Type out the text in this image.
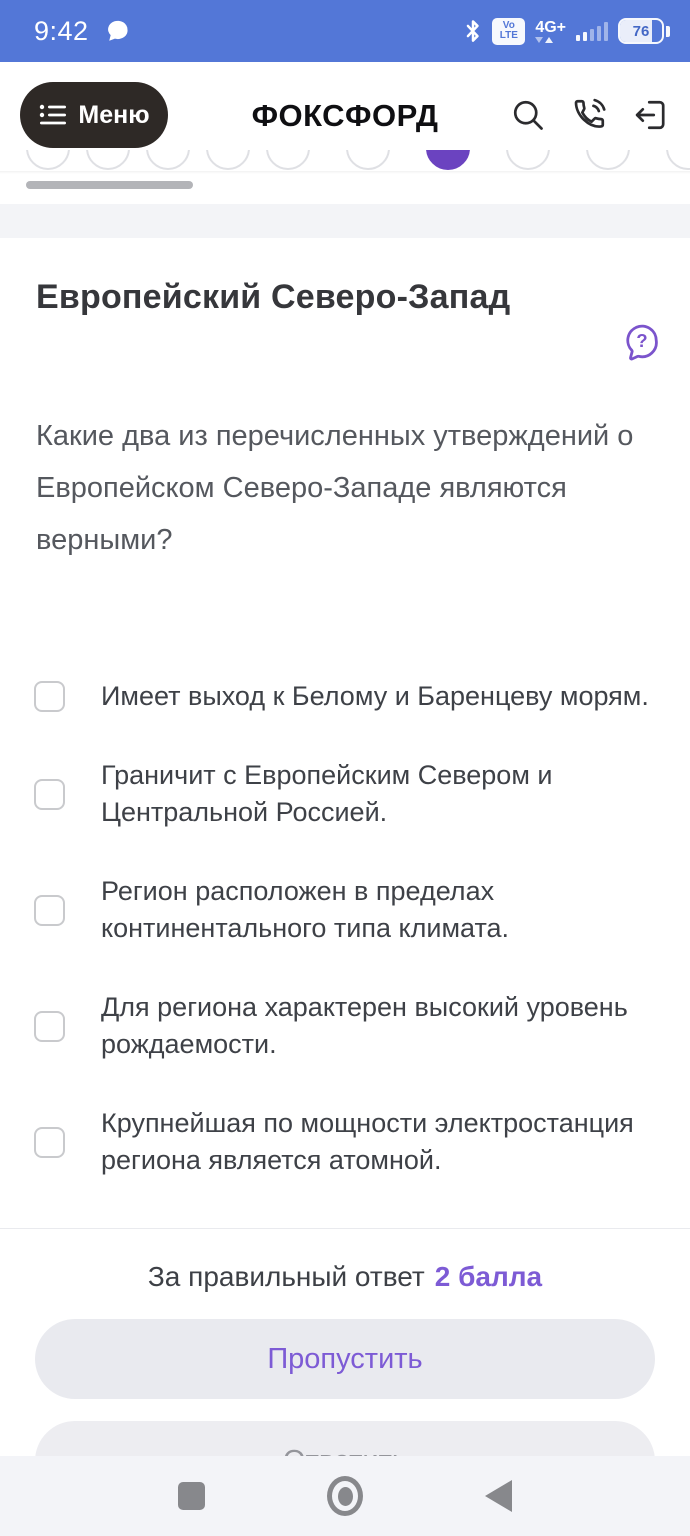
9:42	Vo
LTE 4G+	76
Меню	ФОКСФОРД
Европейский Северо-Запад
?

Какие два из перечисленных утверждений о Европейском Северо-Западе являются верными?

Имеет выход к Белому и Баренцеву морям.
Граничит с Европейским Севером и Центральной Россией.
Регион расположен в пределах континентального типа климата.
Для региона характерен высокий уровень рождаемости.
Крупнейшая по мощности электростанция региона является атомной.
За правильный ответ 2 балла
Пропустить
